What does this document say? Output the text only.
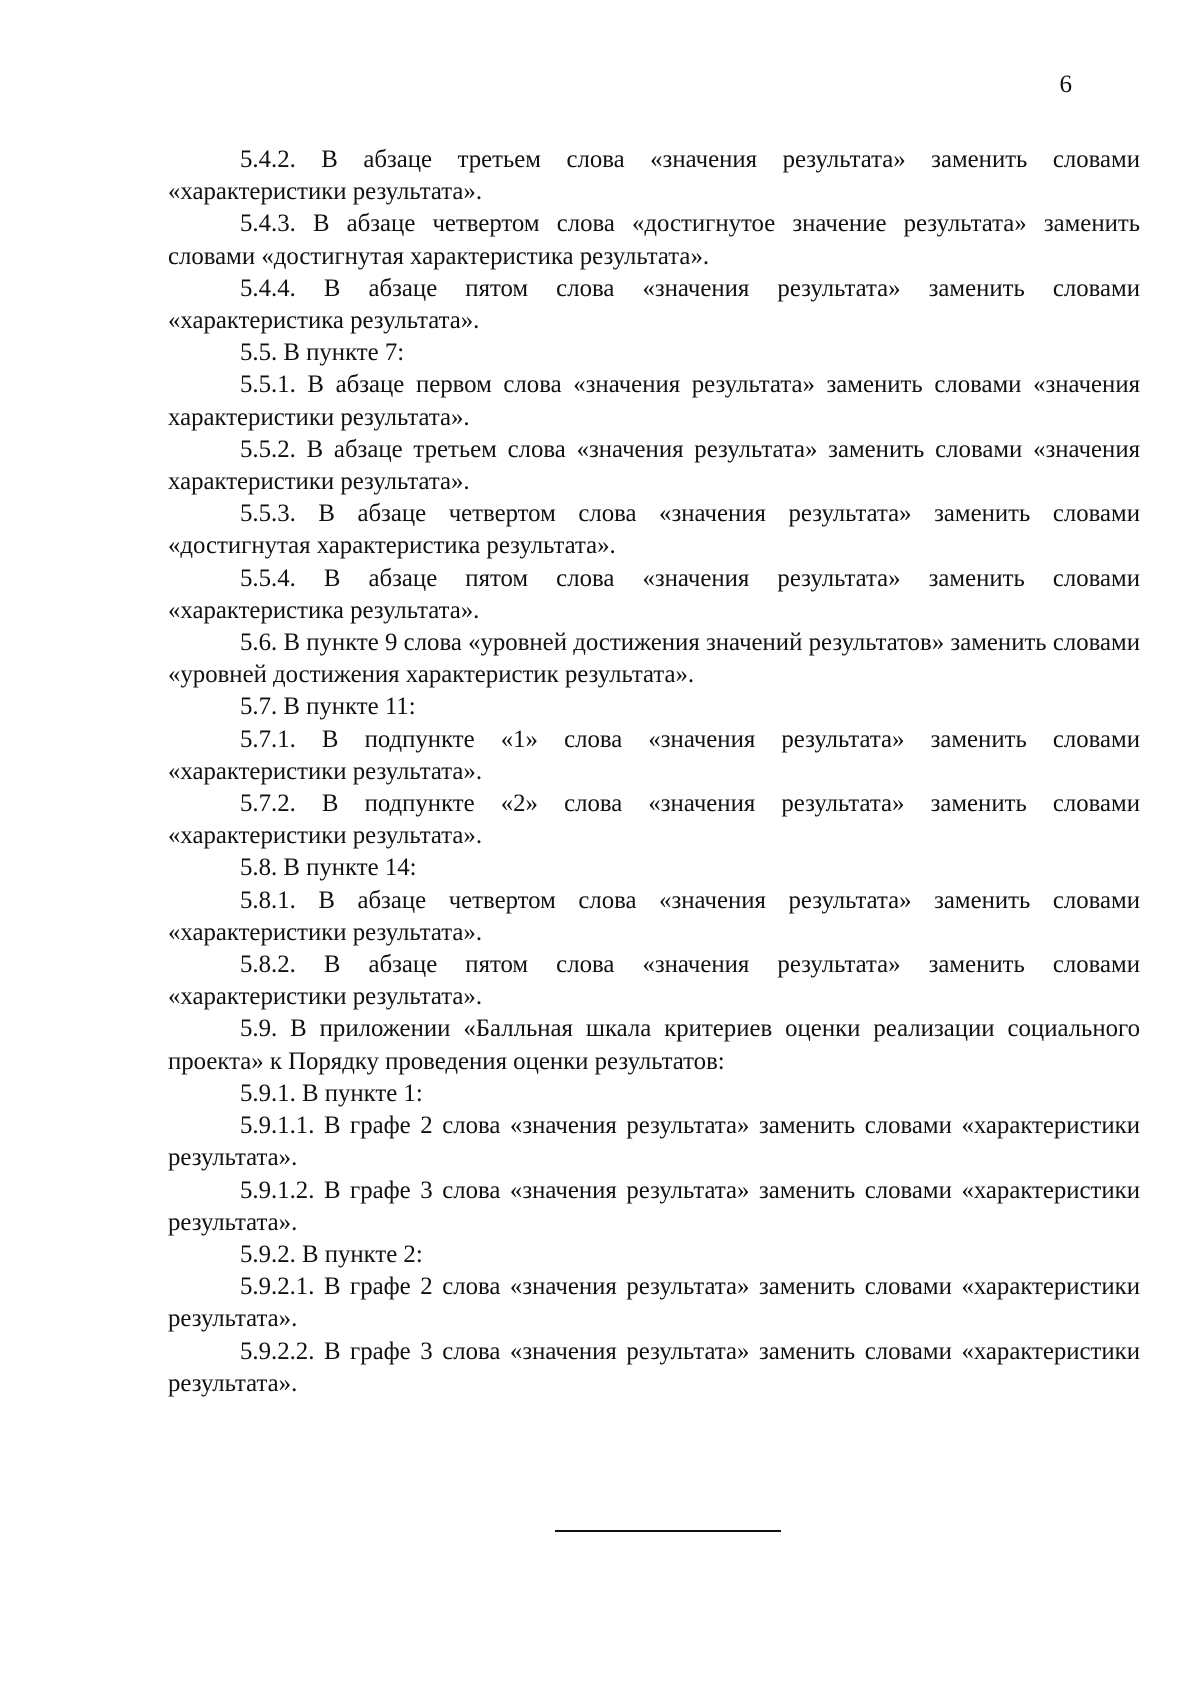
6

5.4.2. В абзаце третьем слова «значения результата» заменить словами «характеристики результата».

5.4.3. В абзаце четвертом слова «достигнутое значение результата» заменить словами «достигнутая характеристика результата».

5.4.4. В абзаце пятом слова «значения результата» заменить словами «характеристика результата».

5.5. В пункте 7:

5.5.1. В абзаце первом слова «значения результата» заменить словами «значения характеристики результата».

5.5.2. В абзаце третьем слова «значения результата» заменить словами «значения характеристики результата».

5.5.3. В абзаце четвертом слова «значения результата» заменить словами «достигнутая характеристика результата».

5.5.4. В абзаце пятом слова «значения результата» заменить словами «характеристика результата».

5.6. В пункте 9 слова «уровней достижения значений результатов» заменить словами «уровней достижения характеристик результата».

5.7. В пункте 11:

5.7.1. В подпункте «1» слова «значения результата» заменить словами «характеристики результата».

5.7.2. В подпункте «2» слова «значения результата» заменить словами «характеристики результата».

5.8. В пункте 14:

5.8.1. В абзаце четвертом слова «значения результата» заменить словами «характеристики результата».

5.8.2. В абзаце пятом слова «значения результата» заменить словами «характеристики результата».

5.9. В приложении «Балльная шкала критериев оценки реализации социального проекта» к Порядку проведения оценки результатов:

5.9.1. В пункте 1:

5.9.1.1. В графе 2 слова «значения результата» заменить словами «характеристики результата».

5.9.1.2. В графе 3 слова «значения результата» заменить словами «характеристики результата».

5.9.2. В пункте 2:

5.9.2.1. В графе 2 слова «значения результата» заменить словами «характеристики результата».

5.9.2.2. В графе 3 слова «значения результата» заменить словами «характеристики результата».
